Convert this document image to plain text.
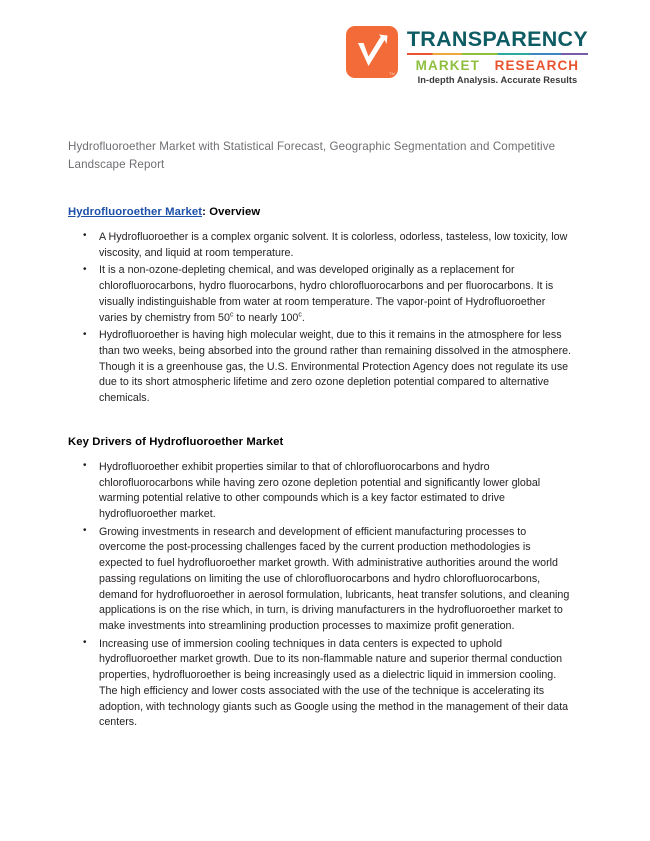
TM
TRANSPARENCY
MARKET RESEARCH
In-depth Analysis. Accurate Results

Hydrofluoroether Market with Statistical Forecast, Geographic Segmentation and Competitive Landscape Report

Hydrofluoroether Market: Overview
• A Hydrofluoroether is a complex organic solvent. It is colorless, odorless, tasteless, low toxicity, low viscosity, and liquid at room temperature.
• It is a non-ozone-depleting chemical, and was developed originally as a replacement for chlorofluorocarbons, hydro fluorocarbons, hydro chlorofluorocarbons and per fluorocarbons. It is visually indistinguishable from water at room temperature. The vapor-point of Hydrofluoroether varies by chemistry from 50$^c$ to nearly 100$^c$.
• Hydrofluoroether is having high molecular weight, due to this it remains in the atmosphere for less than two weeks, being absorbed into the ground rather than remaining dissolved in the atmosphere. Though it is a greenhouse gas, the U.S. Environmental Protection Agency does not regulate its use due to its short atmospheric lifetime and zero ozone depletion potential compared to alternative chemicals.
Key Drivers of Hydrofluoroether Market
• Hydrofluoroether exhibit properties similar to that of chlorofluorocarbons and hydro chlorofluorocarbons while having zero ozone depletion potential and significantly lower global warming potential relative to other compounds which is a key factor estimated to drive hydrofluoroether market.
• Growing investments in research and development of efficient manufacturing processes to overcome the post-processing challenges faced by the current production methodologies is expected to fuel hydrofluoroether market growth. With administrative authorities around the world passing regulations on limiting the use of chlorofluorocarbons and hydro chlorofluorocarbons, demand for hydrofluoroether in aerosol formulation, lubricants, heat transfer solutions, and cleaning applications is on the rise which, in turn, is driving manufacturers in the hydrofluoroether market to make investments into streamlining production processes to maximize profit generation.
• Increasing use of immersion cooling techniques in data centers is expected to uphold hydrofluoroether market growth. Due to its non-flammable nature and superior thermal conduction properties, hydrofluoroether is being increasingly used as a dielectric liquid in immersion cooling. The high efficiency and lower costs associated with the use of the technique is accelerating its adoption, with technology giants such as Google using the method in the management of their data centers.
